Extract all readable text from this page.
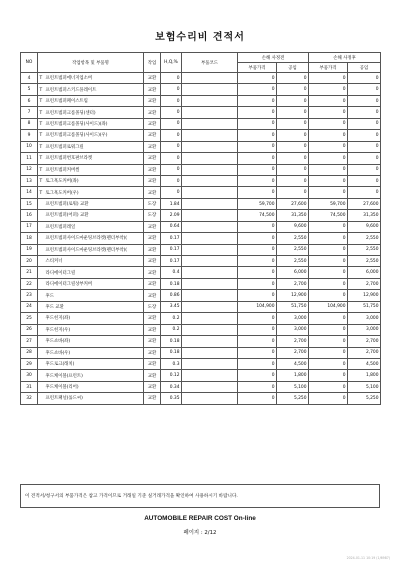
보험수리비 견적서
NO	작업항목 및 부품명	작업	H,Q,%	부품코드	손해 사정전		손해 사정후	
					부품가격	공임	부품가격	공임
4	T 프런트범퍼에너지업소버	교환	0		0	0	0	0
5	T 프런트범퍼스키드플레이트	교환	0		0	0	0	0
6	T 프런트범퍼페이스트립	교환	0		0	0	0	0
7	T 프런트범퍼크롬몰딩(센터)	교환	0		0	0	0	0
8	T 프런트범퍼크롬몰딩(사이드)(좌)	교환	0		0	0	0	0
9	T 프런트범퍼크롬몰딩(사이드)(우)	교환	0		0	0	0	0
10	T 프런트범퍼로워그릴	교환	0		0	0	0	0
11	T 프런트범퍼번호판브라켓	교환	0		0	0	0	0
12	T 프런트범퍼커버씰	교환	0		0	0	0	0
13	T 토그훅도커버(좌)	교환	0		0	0	0	0
14	T 토그훅도커버(우)	교환	0		0	0	0	0
15	프런트범퍼(로워) 교환	도장	1.84		59,700	27,600	59,700	27,600
16	프런트범퍼(어퍼) 교환	도장	2.09		74,500	31,350	74,500	31,350
17	프런트범퍼레일	교환	0.64		0	9,600	0	9,600
18	프런트범퍼사이드마운팅브라켓(펜더부착)(	교환	0.17		0	2,550	0	2,550
19	프런트범퍼사이드마운팅브라켓(펜더부착)(	교환	0.17		0	2,550	0	2,550
20	스티커너	교환	0.17		0	2,550	0	2,550
21	라디에이터그릴	교환	0.4		0	6,000	0	6,000
22	라디에이터그릴상부커버	교환	0.18		0	2,700	0	2,700
23	후드	교환	0.86		0	12,900	0	12,900
24	후드 교환	도장	3.45		104,900	51,750	104,900	51,750
25	후드힌지(좌)	교환	0.2		0	3,000	0	3,000
26	후드힌지(우)	교환	0.2		0	3,000	0	3,000
27	후드쇼바(좌)	교환	0.18		0	2,700	0	2,700
28	후드쇼바(우)	교환	0.18		0	2,700	0	2,700
29	후드로크(래치)	교환	0.3		0	4,500	0	4,500
30	후드케이블(프런트)	교환	0.12		0	1,800	0	1,800
31	후드케이블(리어)	교환	0.34		0	5,100	0	5,100
32	프런트패널(롤드씨)	교환	0.35		0	5,250	0	5,250
이 견적서/청구서의 부품가격은 참고 가격이므로 거래일 기준 실거래가격을 확인하여 사용하시기 바랍니다.
AUTOMOBILE REPAIR COST On-line
페이지 : 2/12
2024-01-11 10:19 (1/6987)
